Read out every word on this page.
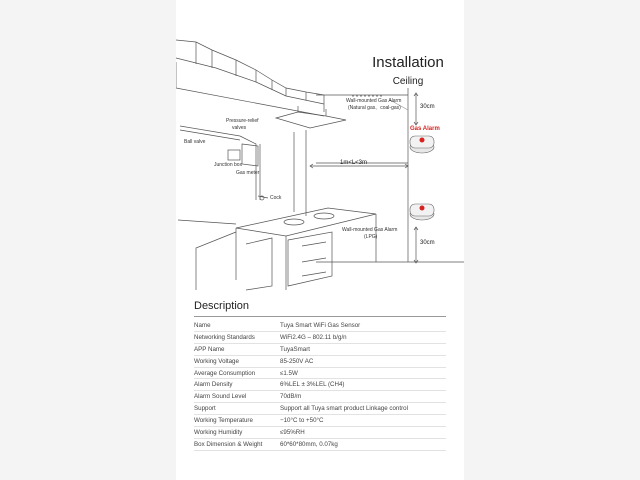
Installation
Ceiling
Pressure-relief
valves
Ball valve
Junction box
Gas meter
Cock
Wall-mounted Gas Alarm
(Natural gas、coal-gas)
Gas Alarm
30cm
1m<L<3m
Wall-mounted Gas Alarm
(LPG)
30cm
Description
Name	Tuya Smart WiFi Gas Sensor
Networking Standards	WiFi2.4G – 802.11 b/g/n
APP Name	TuyaSmart
Working Voltage	85-250V AC
Average Consumption	≤1.5W
Alarm Density	6%LEL ± 3%LEL (CH4)
Alarm Sound Level	70dB/m
Support	Support all Tuya smart product Linkage control
Working Temperature	−10°C to +50°C
Working Humidity	≤95%RH
Box Dimension & Weight	60*60*80mm, 0.07kg
